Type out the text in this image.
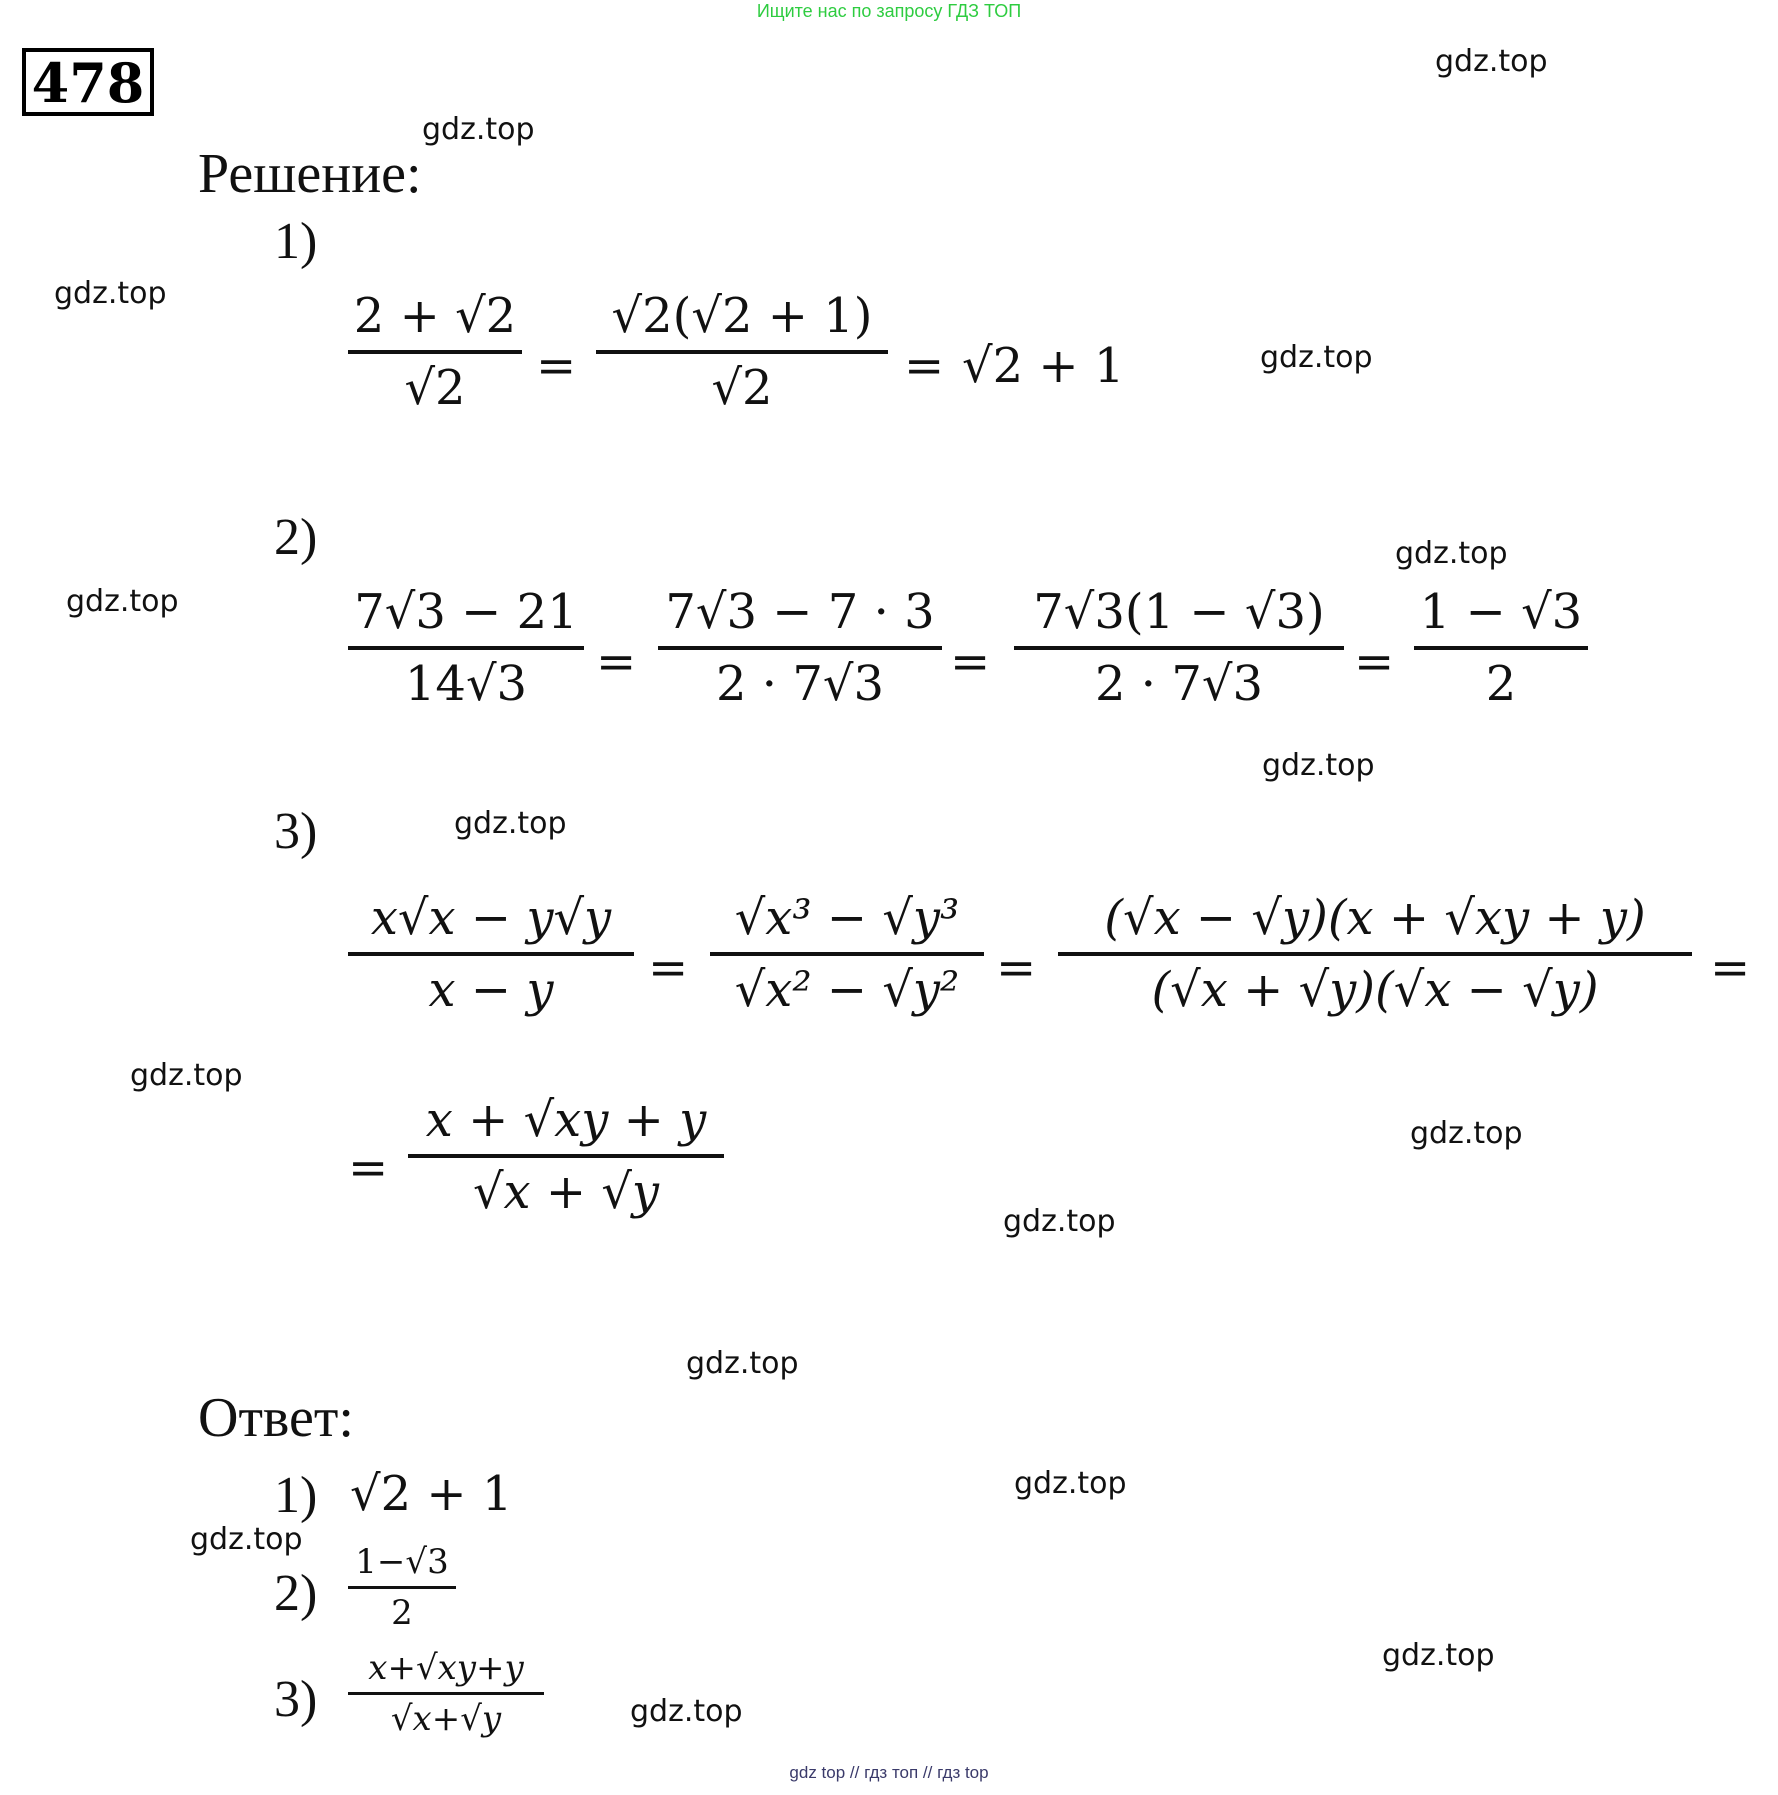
Ищите нас по запросу ГДЗ ТОП
478	gdz.top
gdz.top
gdz.top
gdz.top
gdz.top
gdz.top
gdz.top
gdz.top
gdz.top
gdz.top
gdz.top
gdz.top
gdz.top
gdz.top
gdz.top
gdz.top
Решение:
1)
$\frac{2 + √2}{√2} = \frac{√2(√2 + 1)}{√2} = √2 + 1$
2)
$\frac{7√3 - 21}{14√3} = \frac{7√3 - 7 \cdot 3}{2 \cdot 7√3} = \frac{7√3(1 - √3)}{2 \cdot 7√3} = \frac{1 - √3}{2}$
3)
$\frac{x√x - y√y}{x - y} = \frac{\text{√x³ − √y³}}{\text{√x² − √y²}} = \frac{(√x - √y)(x + √xy + y)}{(√x + √y)(√x - √y)}$ =
= $\frac{x + √xy + y}{√x + √y}$
Ответ:
1) √2 + 1
$2) \frac{1-√3}{2}$
$3) \frac{x+√xy+y}{√x+√y}$
gdz top // гдз топ // гдз top
